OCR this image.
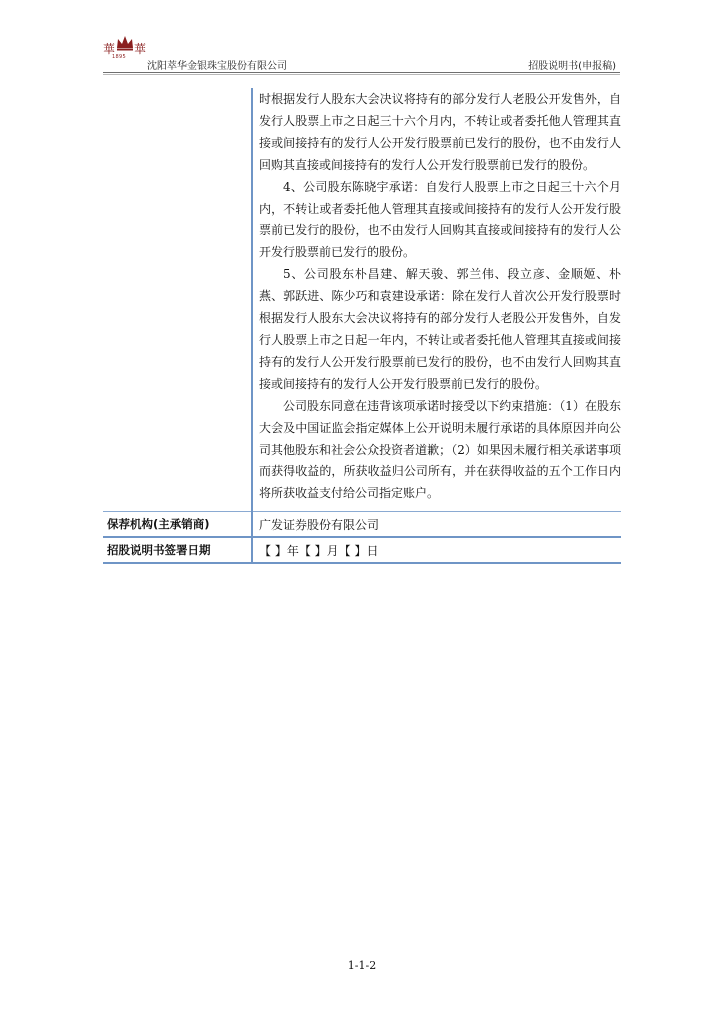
華 華
1895
沈阳萃华金银珠宝股份有限公司	招股说明书(申报稿)

	时根据发行人股东大会决议将持有的部分发行人老股公开发售外，自发行人股票上市之日起三十六个月内，不转让或者委托他人管理其直接或间接持有的发行人公开发行股票前已发行的股份，也不由发行人回购其直接或间接持有的发行人公开发行股票前已发行的股份。

4、公司股东陈晓宇承诺：自发行人股票上市之日起三十六个月内，不转让或者委托他人管理其直接或间接持有的发行人公开发行股票前已发行的股份，也不由发行人回购其直接或间接持有的发行人公开发行股票前已发行的股份。

5、公司股东朴昌建、解天骏、郭兰伟、段立彦、金顺姬、朴燕、郭跃进、陈少巧和袁建设承诺：除在发行人首次公开发行股票时根据发行人股东大会决议将持有的部分发行人老股公开发售外，自发行人股票上市之日起一年内，不转让或者委托他人管理其直接或间接持有的发行人公开发行股票前已发行的股份，也不由发行人回购其直接或间接持有的发行人公开发行股票前已发行的股份。

公司股东同意在违背该项承诺时接受以下约束措施：（1）在股东大会及中国证监会指定媒体上公开说明未履行承诺的具体原因并向公司其他股东和社会公众投资者道歉；（2）如果因未履行相关承诺事项而获得收益的，所获收益归公司所有，并在获得收益的五个工作日内将所获收益支付给公司指定账户。

保荐机构(主承销商)	广发证券股份有限公司

招股说明书签署日期	【 】年【 】月【 】日
1-1-2
